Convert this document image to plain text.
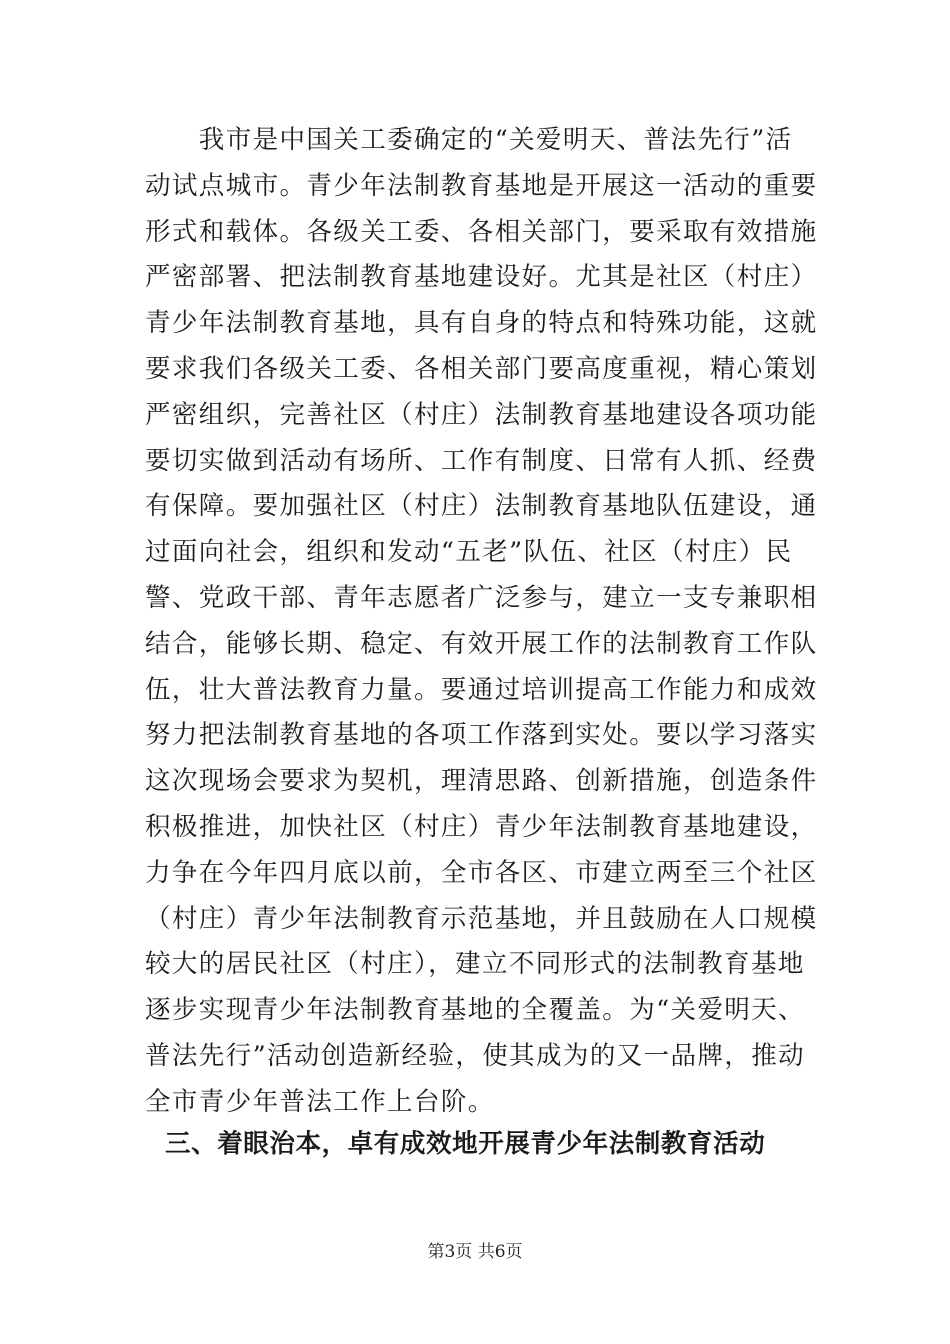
　　我市是中国关工委确定的“关爱明天、普法先行”活
动试点城市。青少年法制教育基地是开展这一活动的重要
形式和载体。各级关工委、各相关部门，要采取有效措施
严密部署、把法制教育基地建设好。尤其是社区（村庄）
青少年法制教育基地，具有自身的特点和特殊功能，这就
要求我们各级关工委、各相关部门要高度重视，精心策划
严密组织，完善社区（村庄）法制教育基地建设各项功能
要切实做到活动有场所、工作有制度、日常有人抓、经费
有保障。要加强社区（村庄）法制教育基地队伍建设，通
过面向社会，组织和发动“五老”队伍、社区（村庄）民
警、党政干部、青年志愿者广泛参与，建立一支专兼职相
结合，能够长期、稳定、有效开展工作的法制教育工作队
伍，壮大普法教育力量。要通过培训提高工作能力和成效
努力把法制教育基地的各项工作落到实处。要以学习落实
这次现场会要求为契机，理清思路、创新措施，创造条件
积极推进，加快社区（村庄）青少年法制教育基地建设，
力争在今年四月底以前，全市各区、市建立两至三个社区
（村庄）青少年法制教育示范基地，并且鼓励在人口规模
较大的居民社区（村庄），建立不同形式的法制教育基地
逐步实现青少年法制教育基地的全覆盖。为“关爱明天、
普法先行”活动创造新经验，使其成为的又一品牌，推动
全市青少年普法工作上台阶。
三、着眼治本，卓有成效地开展青少年法制教育活动
第3页 共6页
